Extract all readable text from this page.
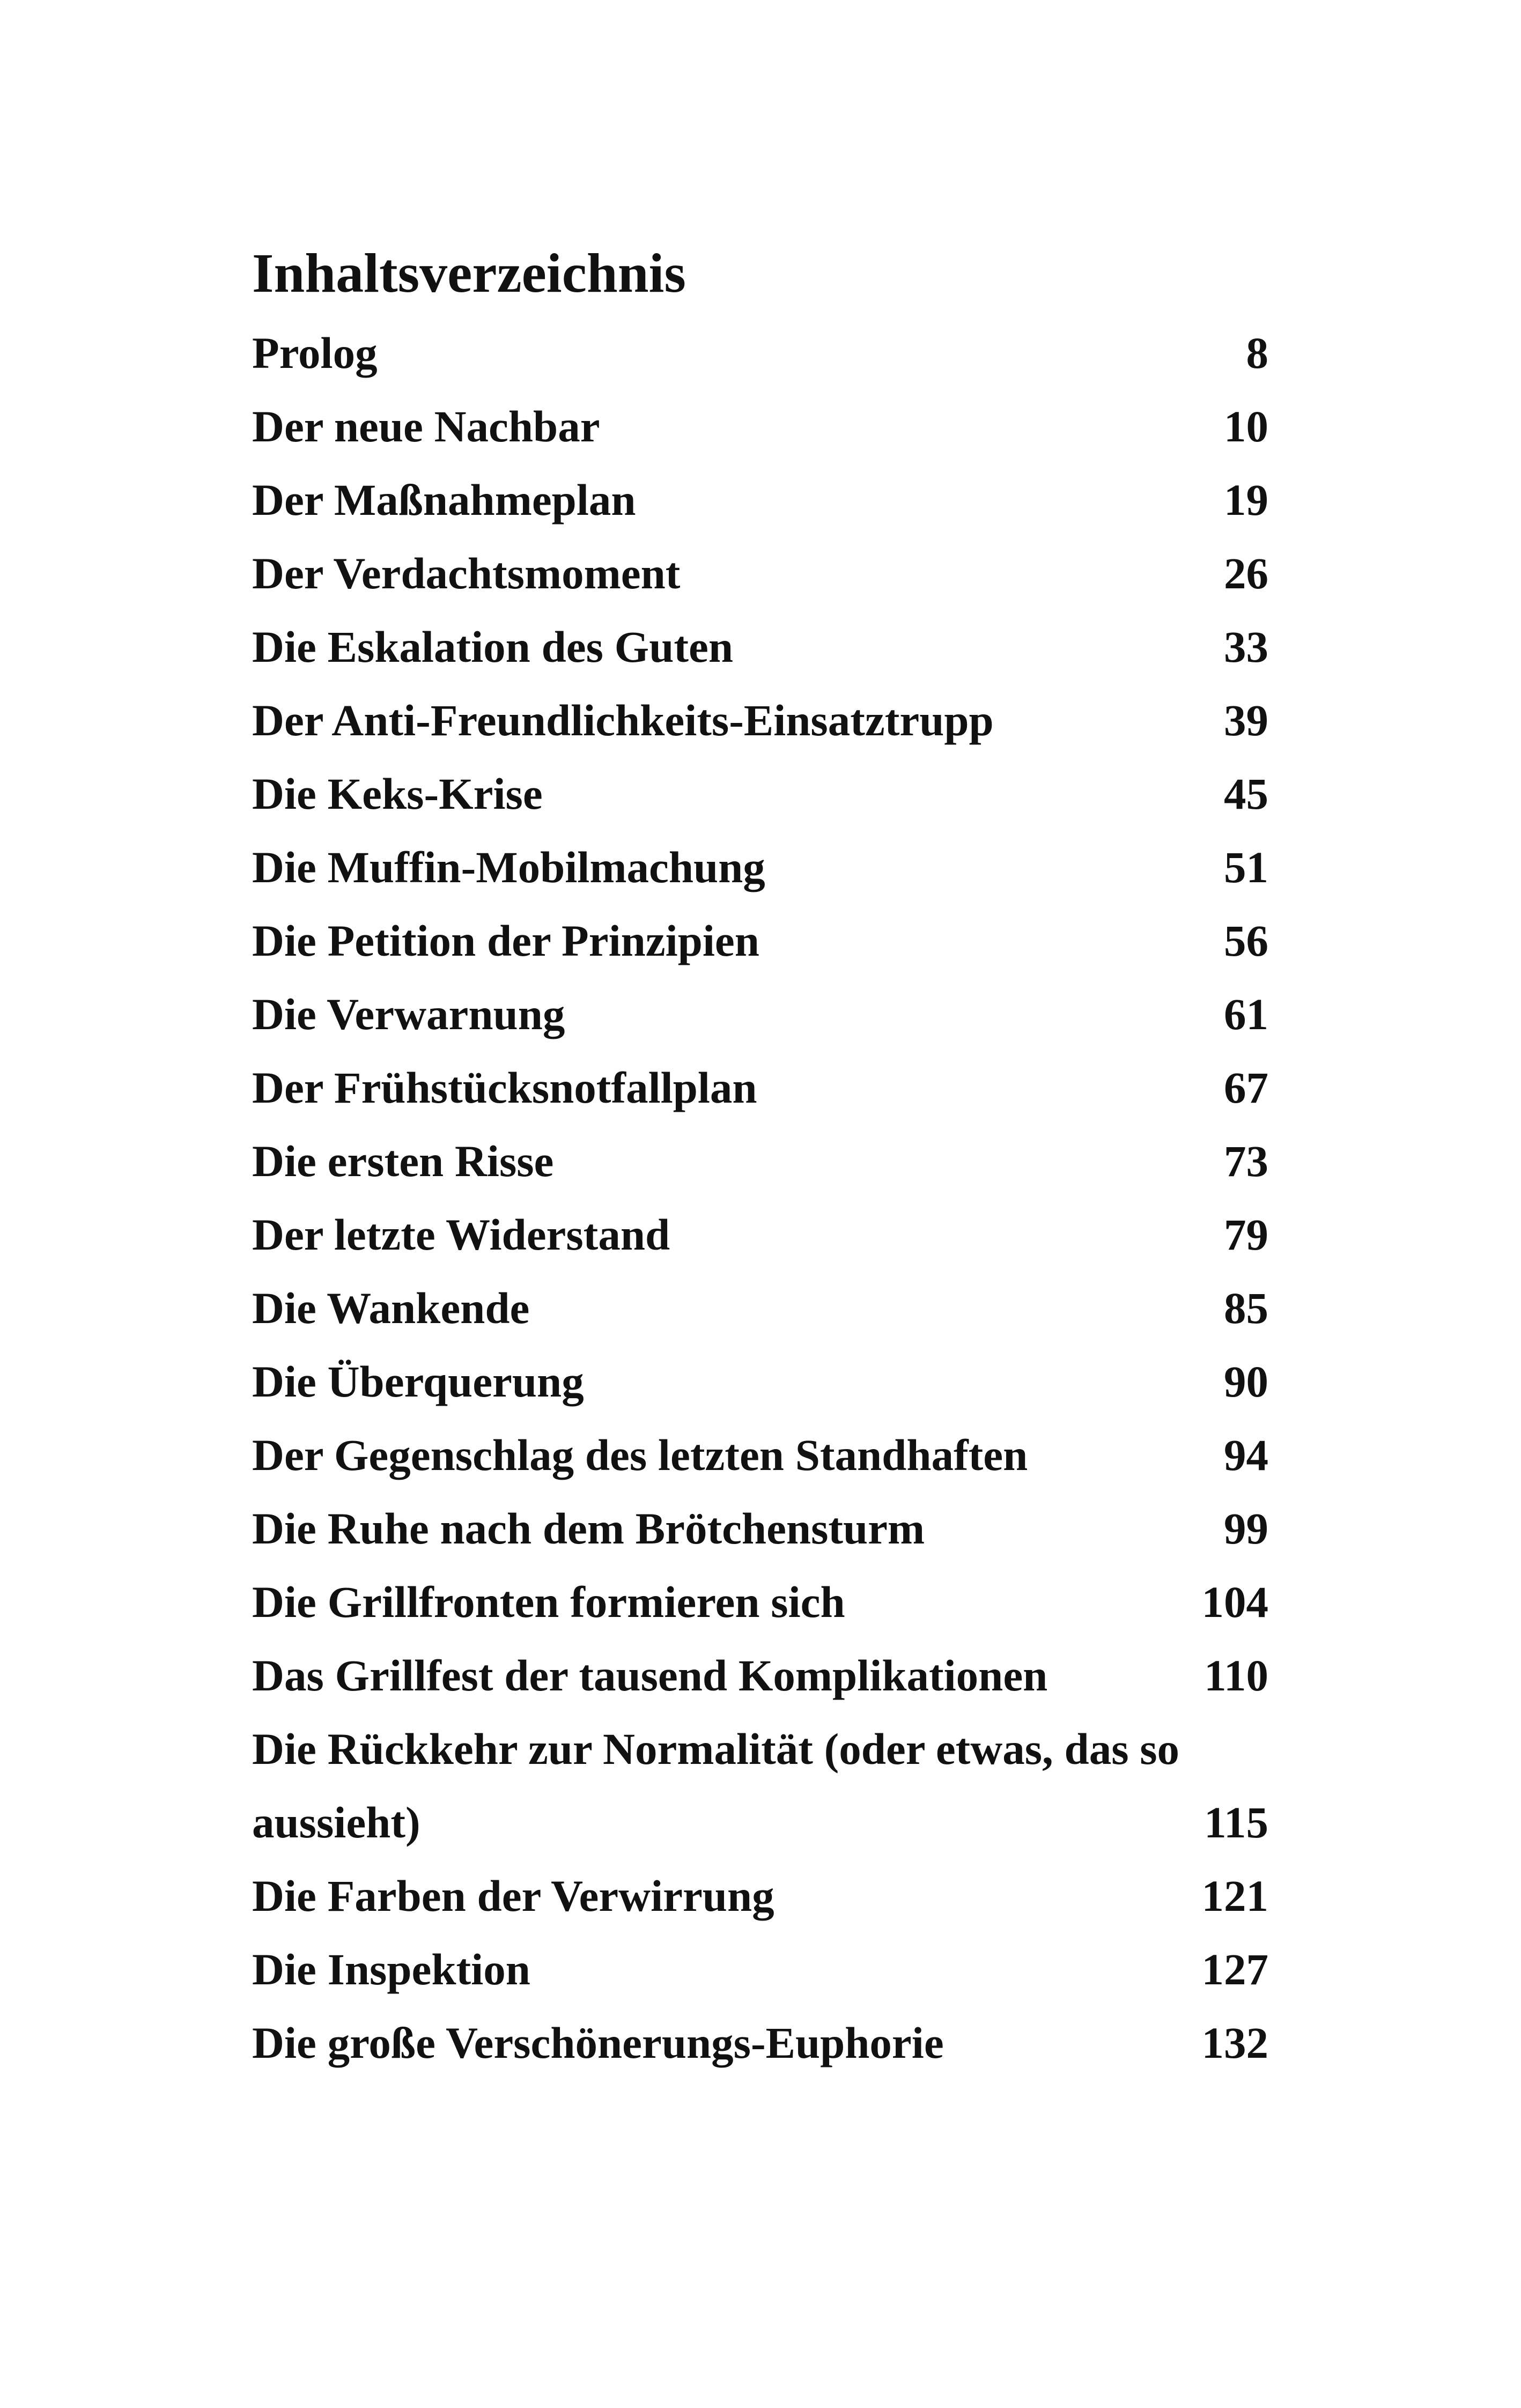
Inhaltsverzeichnis
Prolog	8
Der neue Nachbar	10
Der Maßnahmeplan	19
Der Verdachtsmoment	26
Die Eskalation des Guten	33
Der Anti-Freundlichkeits-Einsatztrupp	39
Die Keks-Krise	45
Die Muffin-Mobilmachung	51
Die Petition der Prinzipien	56
Die Verwarnung	61
Der Frühstücksnotfallplan	67
Die ersten Risse	73
Der letzte Widerstand	79
Die Wankende	85
Die Überquerung	90
Der Gegenschlag des letzten Standhaften	94
Die Ruhe nach dem Brötchensturm	99
Die Grillfronten formieren sich	104
Das Grillfest der tausend Komplikationen	110
Die Rückkehr zur Normalität (oder etwas, das so aussieht)	115
Die Farben der Verwirrung	121
Die Inspektion	127
Die große Verschönerungs-Euphorie	132
